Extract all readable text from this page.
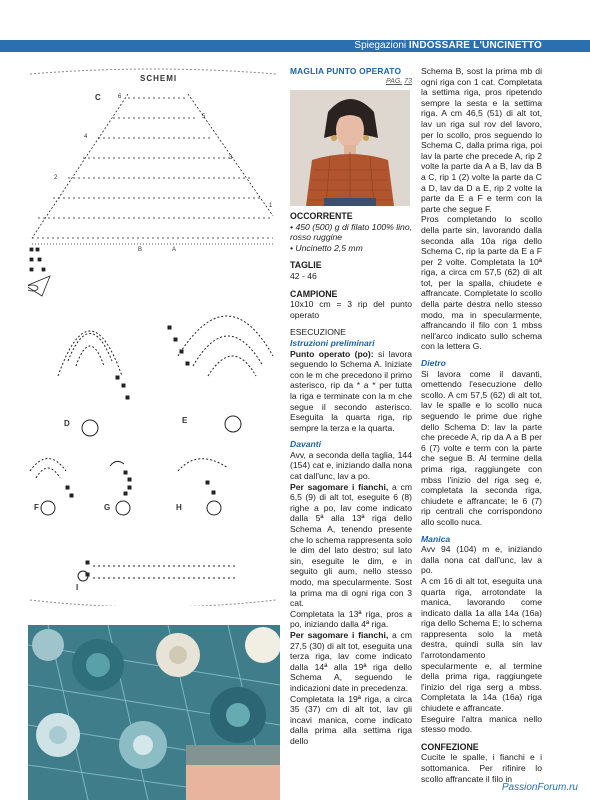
Spiegazioni INDOSSARE L'UNCINETTO
SCHEMI
C
D	E
F	G	H
I
6
5
4
3
2
1
B	A

MAGLIA PUNTO OPERATO

PAG. 73

OCCORRENTE

• 450 (500) g di filato 100% lino, rosso ruggine

• Uncinetto 2,5 mm

TAGLIE

42 - 46

CAMPIONE

10x10 cm = 3 rip del punto operato

ESECUZIONE

Istruzioni preliminari

Punto operato (po): si lavora seguendo lo Schema A. Iniziate con le m che precedono il primo asterisco, rip da * a * per tutta la riga e terminate con la m che segue il secondo asterisco. Eseguita la quarta riga, rip sempre la terza e la quarta.

Davanti

Avv, a seconda della taglia, 144 (154) cat e, iniziando dalla nona cat dall'unc, lav a po.

Per sagomare i fianchi, a cm 6,5 (9) di alt tot, eseguite 6 (8) righe a po, lav come indicato dalla 5ª alla 13ª riga dello Schema A, tenendo presente che lo schema rappresenta solo le dim del lato destro; sul lato sin, eseguite le dim, e in seguito gli aum, nello stesso modo, ma specularmente. Sost la prima ma di ogni riga con 3 cat.

Completata la 13ª riga, pros a po, iniziando dalla 4ª riga.

Per sagomare i fianchi, a cm 27,5 (30) di alt tot, eseguita una terza riga, lav come indicato dalla 14ª alla 19ª riga dello Schema A, seguendo le indicazioni date in precedenza.

Completata la 19ª riga, a circa 35 (37) cm di alt tot, lav gli incavi manica, come indicato dalla prima alla settima riga dello

Schema B, sost la prima mb di ogni riga con 1 cat. Completata la settima riga, pros ripetendo sempre la sesta e la settima riga. A cm 46,5 (51) di alt tot, lav un riga sul rov del lavoro, per lo scollo, pros seguendo lo Schema C, dalla prima riga, poi lav la parte che precede A, rip 2 volte la parte da A a B, lav da B a C, rip 1 (2) volte la parte da C a D, lav da D a E, rip 2 volte la parte da E a F e term con la parte che segue F.

Pros completando lo scollo della parte sin, lavorando dalla seconda alla 10a riga dello Schema C, rip la parte da E a F per 2 volte. Completata la 10ª riga, a circa cm 57,5 (62) di alt tot, per la spalla, chiudete e affrancate. Completate lo scollo della parte destra nello stesso modo, ma in specularmente, affrancando il filo con 1 mbss nell'arco indicato sullo schema con la lettera G.

Dietro

Si lavora come il davanti, omettendo l'esecuzione dello scollo. A cm 57,5 (62) di alt tot, lav le spalle e lo scollo nuca seguendo le prime due righe dello Schema D: lav la parte che precede A, rip da A a B per 6 (7) volte e term con la parte che segue B. Al termine della prima riga, raggiungete con mbss l'inizio del riga seg e, completata la seconda riga, chiudete e affrancate; le 6 (7) rip centrali che corrispondono allo scollo nuca.

Manica

Avv 94 (104) m e, iniziando dalla nona cat dall'unc, lav a po.

A cm 16 di alt tot, eseguita una quarta riga, arrotondate la manica, lavorando come indicato dalla 1a alla 14a (16a) riga dello Schema E; lo schema rappresenta solo la metà destra, quindi sulla sin lav l'arrotondamento specularmente e, al termine della prima riga, raggiungete l'inizio del riga serg a mbss. Completata la 14a (16a) riga chiudete e affrancate.

Eseguire l'altra manica nello stesso modo.

CONFEZIONE

Cucite le spalle, i fianchi e i sottomanica. Per rifinire lo scollo affrancate il filo in

PassionForum.ru
